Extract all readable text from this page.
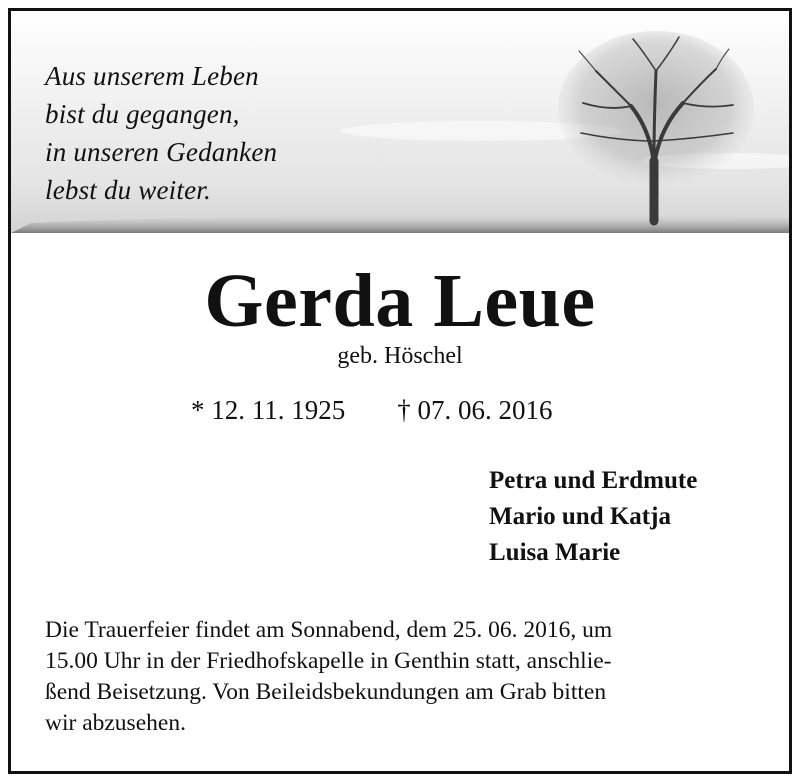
Aus unserem Leben
bist du gegangen,
in unseren Gedanken
lebst du weiter.
Gerda Leue
geb. Höschel
* 12. 11. 1925 † 07. 06. 2016
Petra und Erdmute
Mario und Katja
Luisa Marie
Die Trauerfeier findet am Sonnabend, dem 25. 06. 2016, um
15.00 Uhr in der Friedhofskapelle in Genthin statt, anschlie-
ßend Beisetzung. Von Beileidsbekundungen am Grab bitten
wir abzusehen.
